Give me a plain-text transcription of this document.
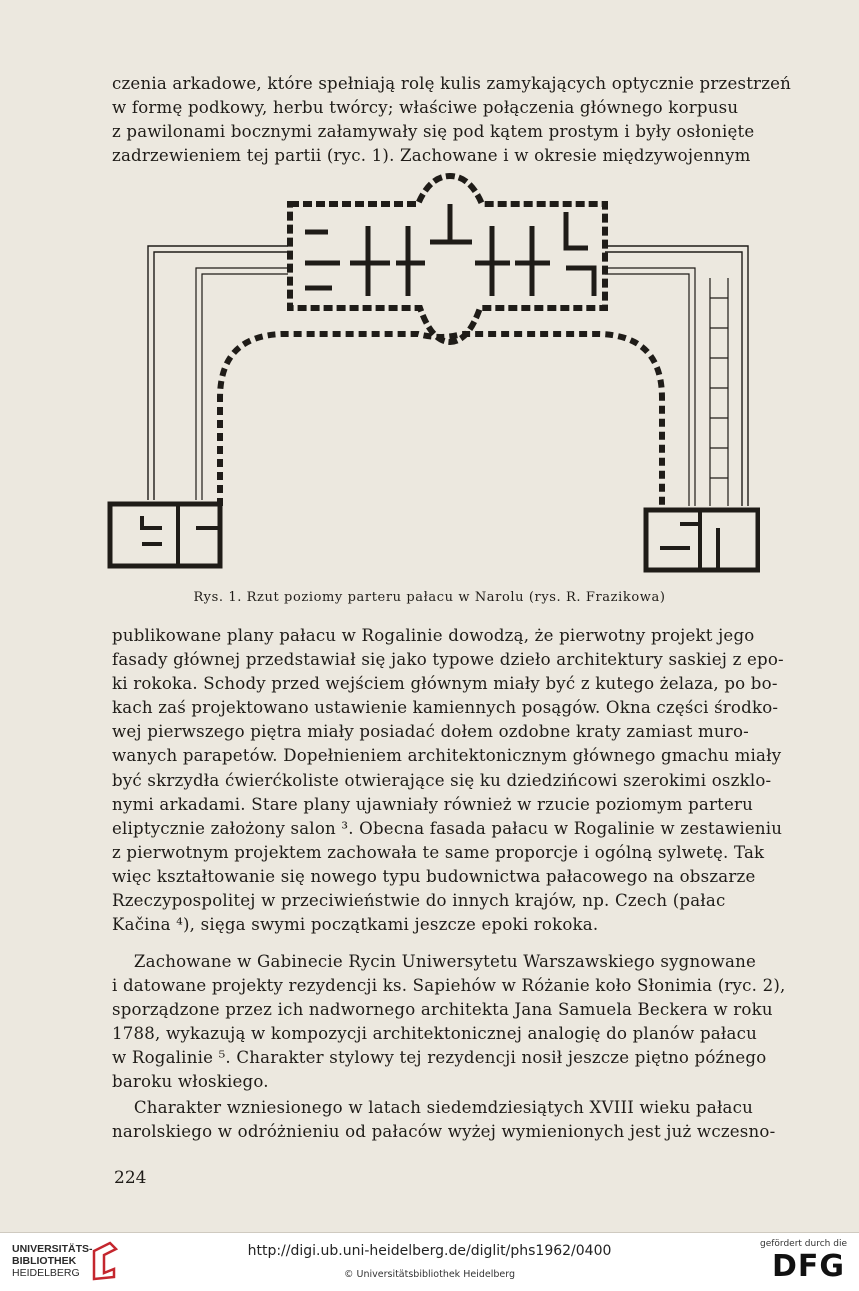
czenia arkadowe, które spełniają rolę kulis zamykających optycznie przestrzeń
w formę podkowy, herbu twórcy; właściwe połączenia głównego korpusu
z pawilonami bocznymi załamywały się pod kątem prostym i były osłonięte
zadrzewieniem tej partii (ryc. 1). Zachowane i w okresie międzywojennym
Rys. 1. Rzut poziomy parteru pałacu w Narolu (rys. R. Frazikowa)
publikowane plany pałacu w Rogalinie dowodzą, że pierwotny projekt jego
fasady głównej przedstawiał się jako typowe dzieło architektury saskiej z epo-
ki rokoka. Schody przed wejściem głównym miały być z kutego żelaza, po bo-
kach zaś projektowano ustawienie kamiennych posągów. Okna części środko-
wej pierwszego piętra miały posiadać dołem ozdobne kraty zamiast muro-
wanych parapetów. Dopełnieniem architektonicznym głównego gmachu miały
być skrzydła ćwierćkoliste otwierające się ku dziedzińcowi szerokimi oszklo-
nymi arkadami. Stare plany ujawniały również w rzucie poziomym parteru
eliptycznie założony salon ³. Obecna fasada pałacu w Rogalinie w zestawieniu
z pierwotnym projektem zachowała te same proporcje i ogólną sylwetę. Tak
więc kształtowanie się nowego typu budownictwa pałacowego na obszarze
Rzeczypospolitej w przeciwieństwie do innych krajów, np. Czech (pałac
Kačina ⁴), sięga swymi początkami jeszcze epoki rokoka.
Zachowane w Gabinecie Rycin Uniwersytetu Warszawskiego sygnowane
i datowane projekty rezydencji ks. Sapiehów w Różanie koło Słonimia (ryc. 2),
sporządzone przez ich nadwornego architekta Jana Samuela Beckera w roku
1788, wykazują w kompozycji architektonicznej analogię do planów pałacu
w Rogalinie ⁵. Charakter stylowy tej rezydencji nosił jeszcze piętno późnego
baroku włoskiego.
Charakter wzniesionego w latach siedemdziesiątych XVIII wieku pałacu
narolskiego w odróżnieniu od pałaców wyżej wymienionych jest już wczesno-
224
UNIVERSITÄTS-
BIBLIOTHEK
HEIDELBERG
http://digi.ub.uni-heidelberg.de/diglit/phs1962/0400
© Universitätsbibliothek Heidelberg
gefördert durch die
DFG
